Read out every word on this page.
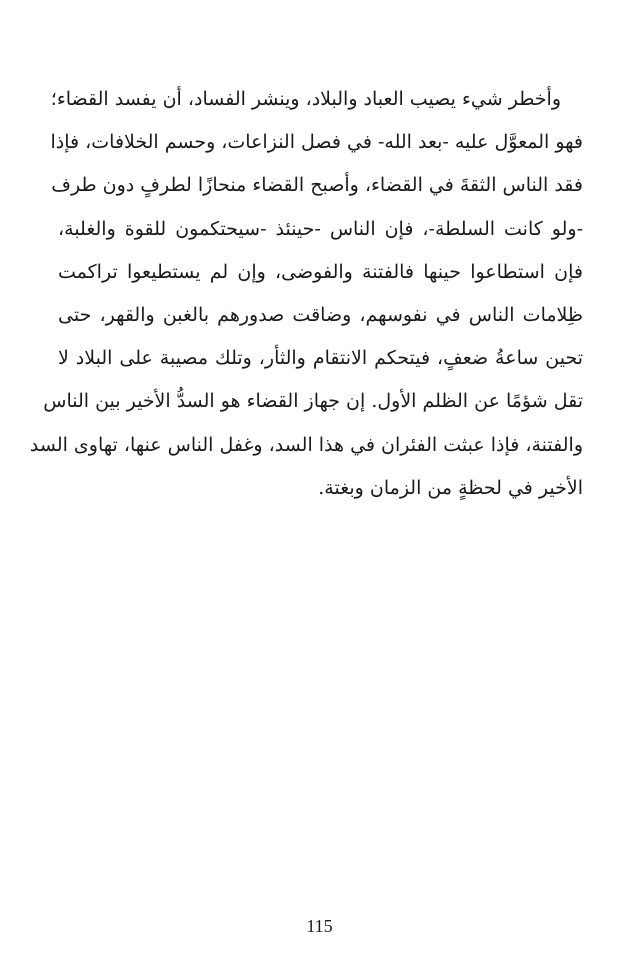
وأخطر شيء يصيب العباد والبلاد، وينشر الفساد، أن يفسد القضاء؛
فهو المعوَّل عليه -بعد الله- في فصل النزاعات، وحسم الخلافات، فإذا
فقد الناس الثقةَ في القضاء، وأصبح القضاء منحازًا لطرفٍ دون طرف
-ولو كانت السلطة-، فإن الناس -حينئذ -سيحتكمون للقوة والغلبة،
فإن استطاعوا حينها فالفتنة والفوضى، وإن لم يستطيعوا تراكمت
ظِلامات الناس في نفوسهم، وضاقت صدورهم بالغبن والقهر، حتى
تحين ساعةُ ضعفٍ، فيتحكم الانتقام والثأر، وتلك مصيبة على البلاد لا
تقل شؤمًا عن الظلم الأول. إن جهاز القضاء هو السدُّ الأخير بين الناس
والفتنة، فإذا عبثت الفئران في هذا السد، وغفل الناس عنها، تهاوى السد
الأخير في لحظةٍ من الزمان وبغتة.
115
